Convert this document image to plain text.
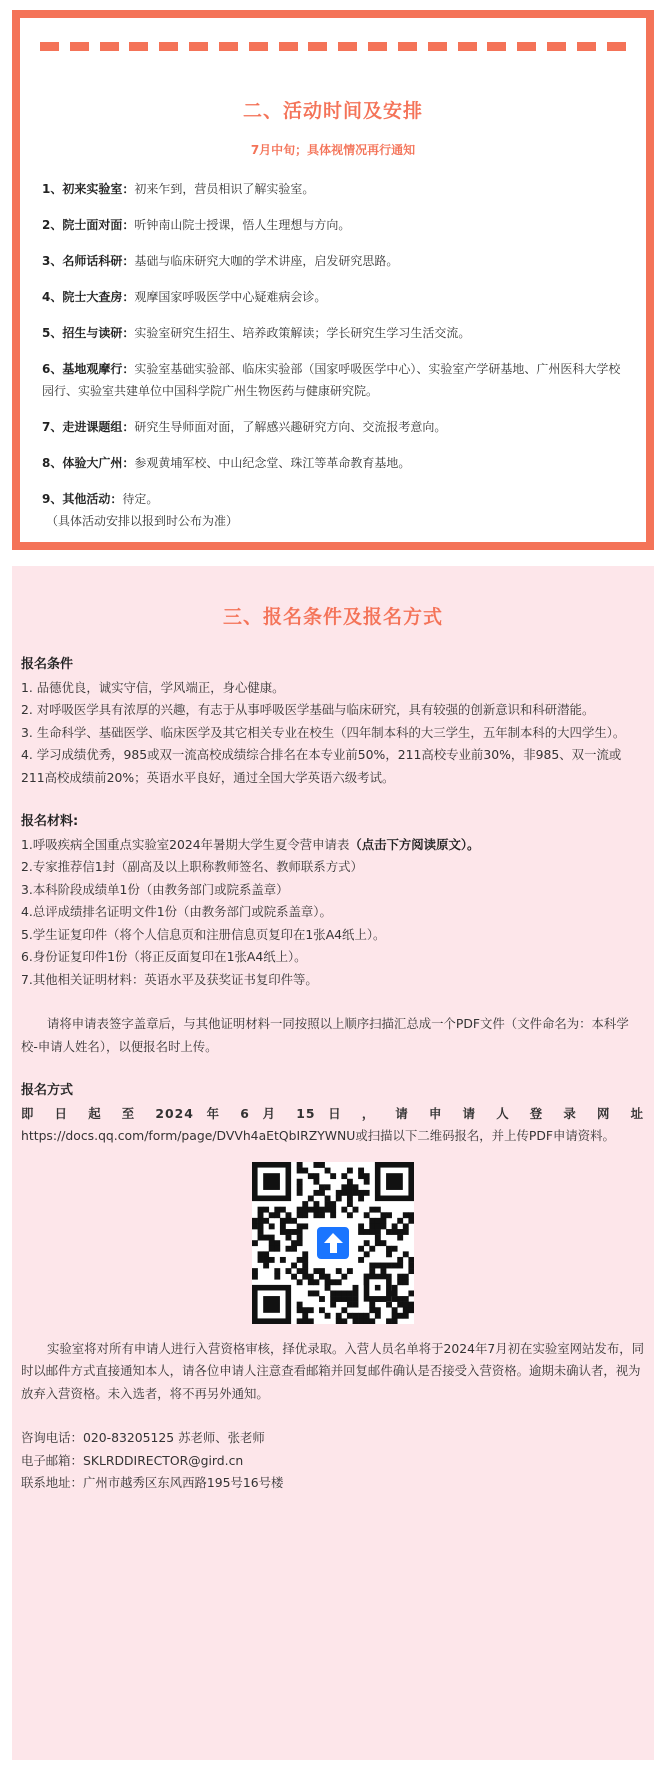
二、活动时间及安排
7月中旬；具体视情况再行通知
1、初来实验室：初来乍到，营员相识了解实验室。
2、院士面对面：听钟南山院士授课，悟人生理想与方向。
3、名师话科研：基础与临床研究大咖的学术讲座，启发研究思路。
4、院士大查房：观摩国家呼吸医学中心疑难病会诊。
5、招生与读研：实验室研究生招生、培养政策解读；学长研究生学习生活交流。
6、基地观摩行：实验室基础实验部、临床实验部（国家呼吸医学中心）、实验室产学研基地、广州医科大学校园行、实验室共建单位中国科学院广州生物医药与健康研究院。
7、走进课题组：研究生导师面对面，了解感兴趣研究方向、交流报考意向。
8、体验大广州：参观黄埔军校、中山纪念堂、珠江等革命教育基地。
9、其他活动：待定。
（具体活动安排以报到时公布为准）
三、报名条件及报名方式
报名条件
1. 品德优良，诚实守信，学风端正，身心健康。
2. 对呼吸医学具有浓厚的兴趣，有志于从事呼吸医学基础与临床研究，具有较强的创新意识和科研潜能。
3. 生命科学、基础医学、临床医学及其它相关专业在校生（四年制本科的大三学生，五年制本科的大四学生）。
4. 学习成绩优秀，985或双一流高校成绩综合排名在本专业前50%，211高校专业前30%，非985、双一流或211高校成绩前20%；英语水平良好，通过全国大学英语六级考试。
报名材料:
1.呼吸疾病全国重点实验室2024年暑期大学生夏令营申请表（点击下方阅读原文）。
2.专家推荐信1封（副高及以上职称教师签名、教师联系方式）
3.本科阶段成绩单1份（由教务部门或院系盖章）
4.总评成绩排名证明文件1份（由教务部门或院系盖章）。
5.学生证复印件（将个人信息页和注册信息页复印在1张A4纸上）。
6.身份证复印件1份（将正反面复印在1张A4纸上）。
7.其他相关证明材料：英语水平及获奖证书复印件等。
请将申请表签字盖章后，与其他证明材料一同按照以上顺序扫描汇总成一个PDF文件（文件命名为：本科学校-申请人姓名），以便报名时上传。
报名方式
即 日 起 至 2024 年 6 月 15 日 ， 请 申 请 人 登 录 网 址
https://docs.qq.com/form/page/DVVh4aEtQbIRZYWNU或扫描以下二维码报名，并上传PDF申请资料。
实验室将对所有申请人进行入营资格审核，择优录取。入营人员名单将于2024年7月初在实验室网站发布，同时以邮件方式直接通知本人，请各位申请人注意查看邮箱并回复邮件确认是否接受入营资格。逾期未确认者，视为放弃入营资格。未入选者，将不再另外通知。
咨询电话：020-83205125 苏老师、张老师
电子邮箱：SKLRDDIRECTOR@gird.cn
联系地址：广州市越秀区东风西路195号16号楼
